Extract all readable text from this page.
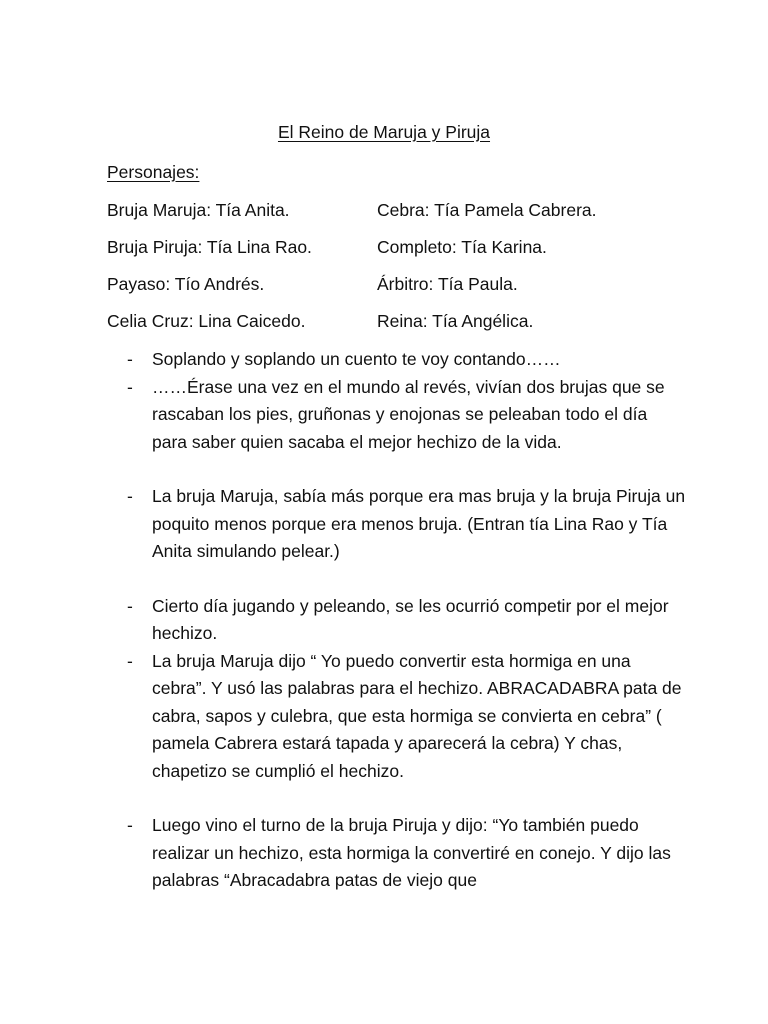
El Reino de Maruja y Piruja
Personajes:
Bruja Maruja: Tía Anita.	Cebra: Tía Pamela Cabrera.
Bruja Piruja: Tía Lina Rao.	Completo: Tía Karina.
Payaso: Tío Andrés.	Árbitro: Tía Paula.
Celia Cruz: Lina Caicedo.	Reina: Tía Angélica.
- Soplando y soplando un cuento te voy contando……
- ……Érase una vez en el mundo al revés, vivían dos brujas que se rascaban los pies, gruñonas y enojonas se peleaban todo el día para saber quien sacaba el mejor hechizo de la vida.
- La bruja Maruja, sabía más porque era mas bruja y la bruja Piruja un poquito menos porque era menos bruja. (Entran tía Lina Rao y Tía Anita simulando pelear.)
- Cierto día jugando y peleando, se les ocurrió competir por el mejor hechizo.
- La bruja Maruja dijo “ Yo puedo convertir esta hormiga en una cebra”. Y usó las palabras para el hechizo. ABRACADABRA pata de cabra, sapos y culebra, que esta hormiga se convierta en cebra” ( pamela Cabrera estará tapada y aparecerá la cebra) Y chas, chapetizo se cumplió el hechizo.
- Luego vino el turno de la bruja Piruja y dijo: “Yo también puedo realizar un hechizo, esta hormiga la convertiré en conejo. Y dijo las palabras “Abracadabra patas de viejo que
